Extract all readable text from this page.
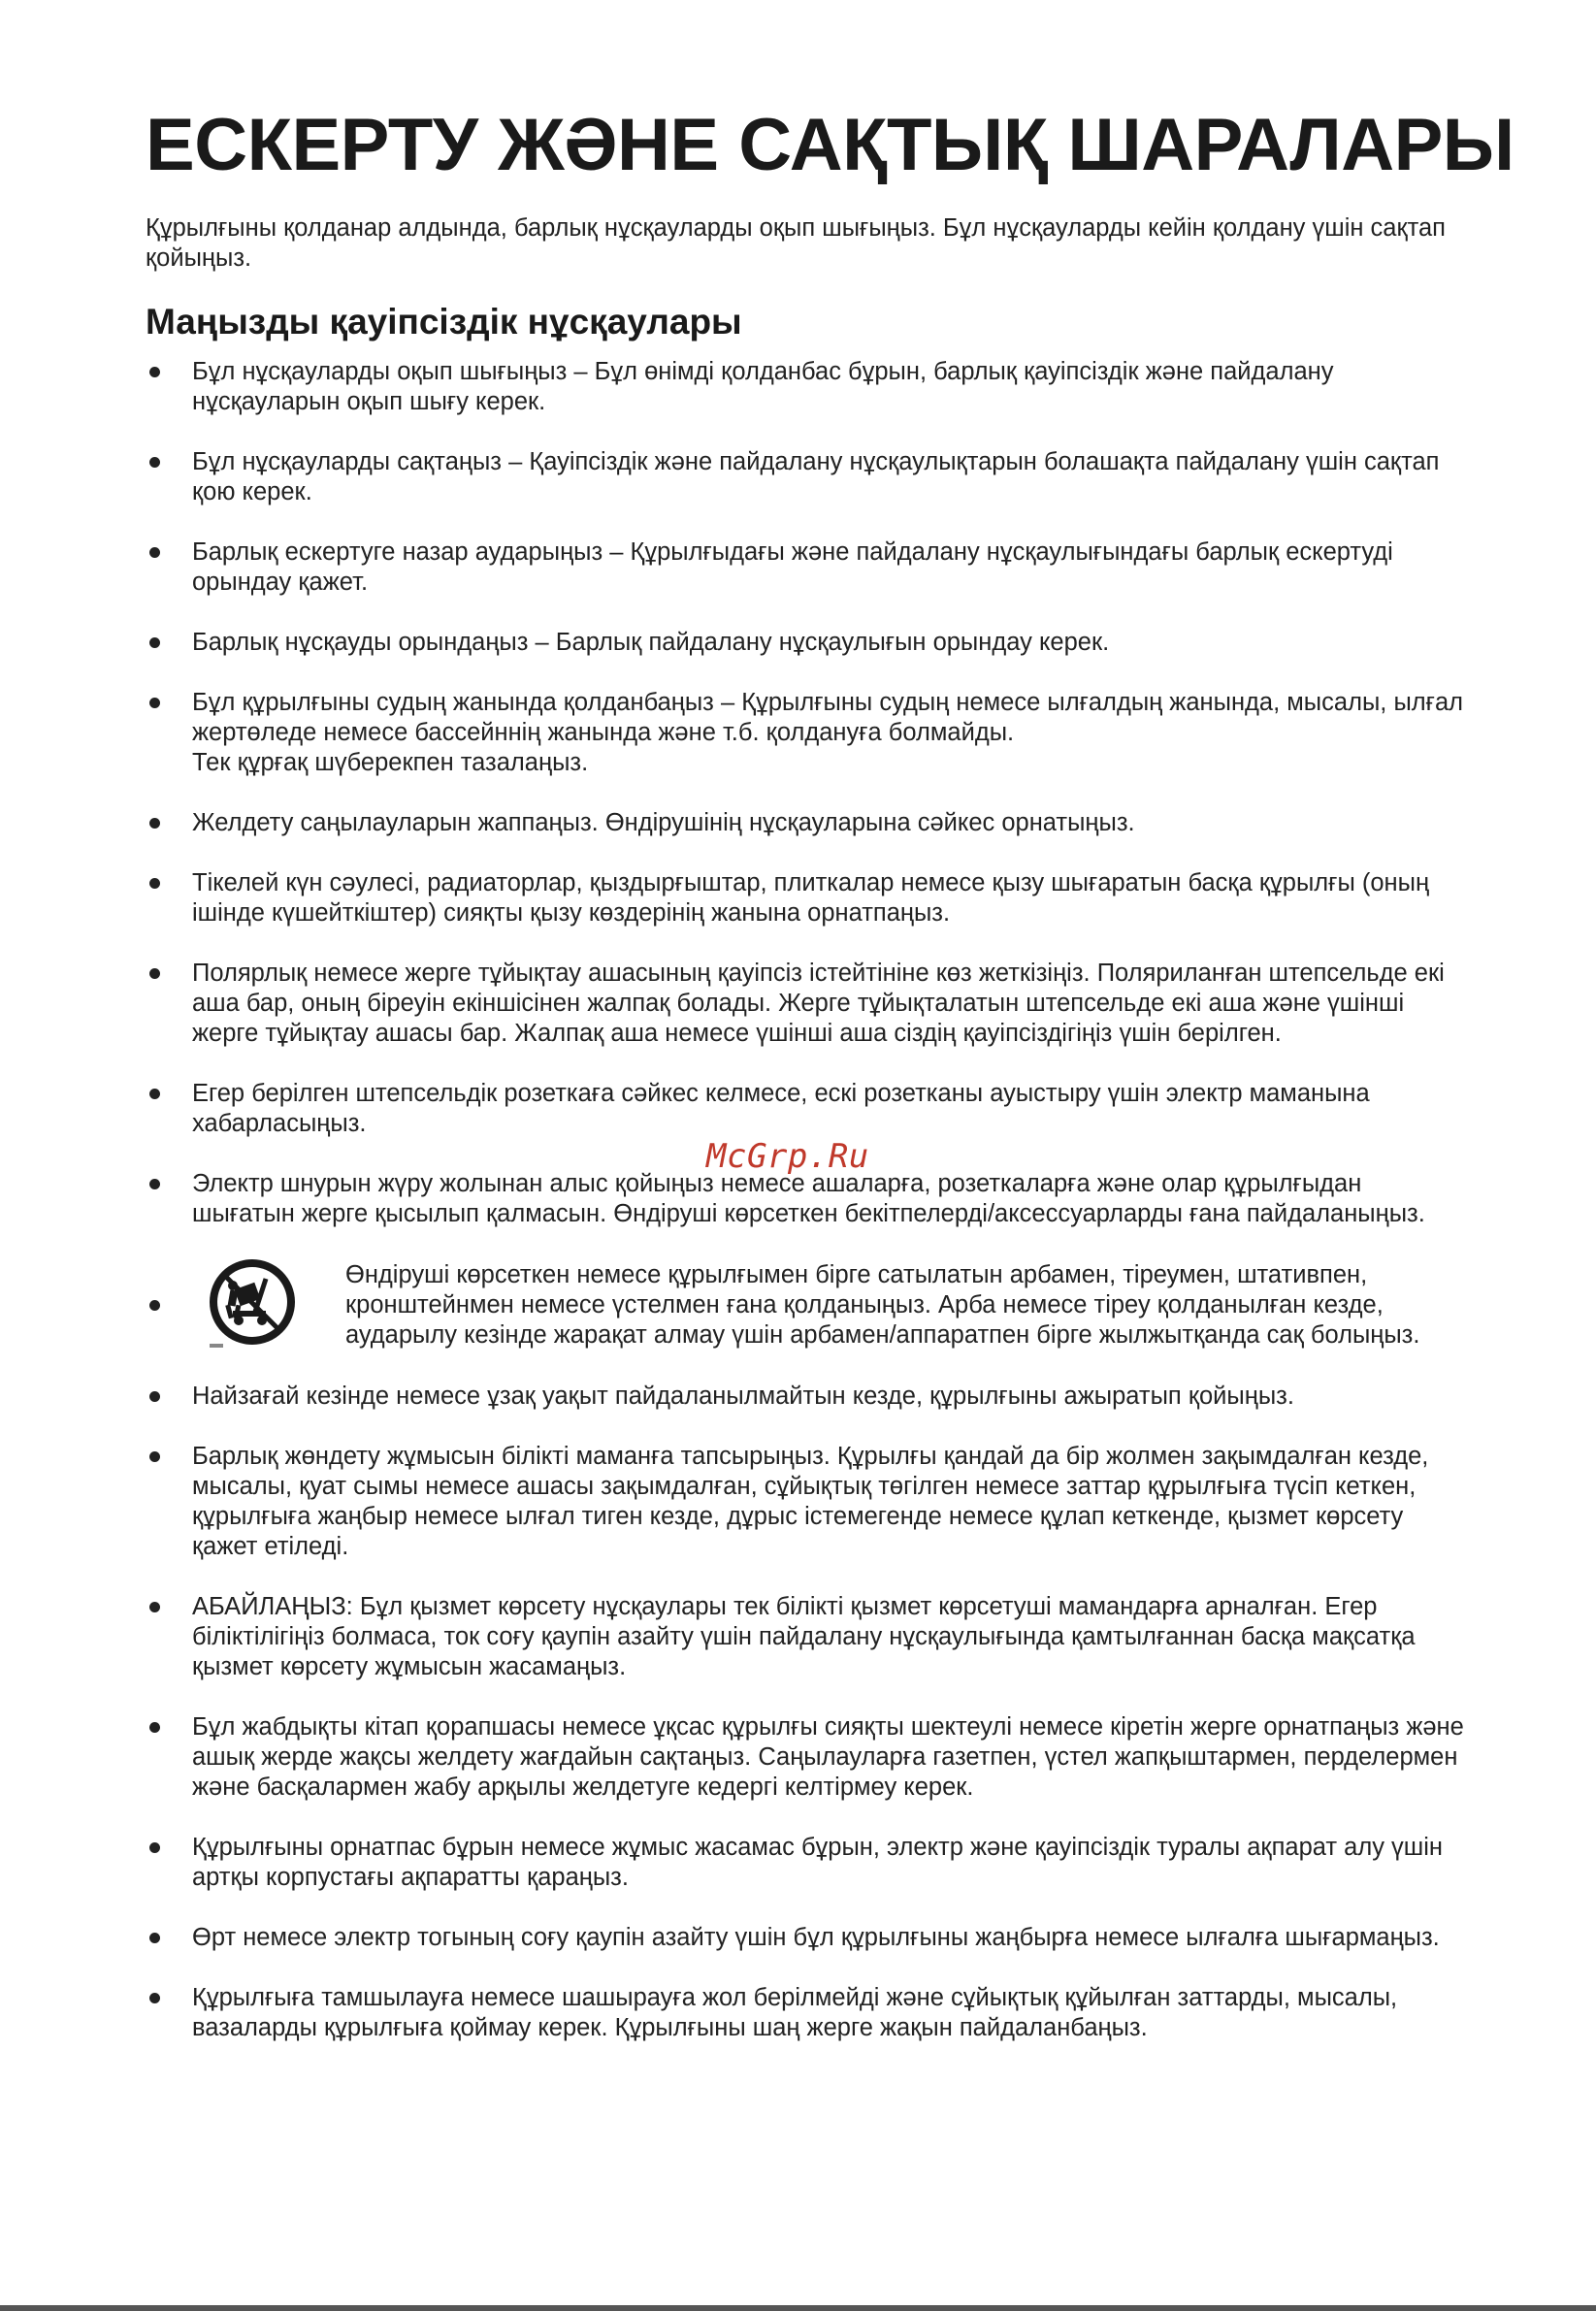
ЕСКЕРТУ ЖӘНЕ САҚТЫҚ ШАРАЛАРЫ

Құрылғыны қолданар алдында, барлық нұсқауларды оқып шығыңыз. Бұл нұсқауларды кейін қолдану үшін сақтап қойыңыз.

Маңызды қауіпсіздік нұсқаулары
Бұл нұсқауларды оқып шығыңыз – Бұл өнімді қолданбас бұрын, барлық қауіпсіздік және пайдалану нұсқауларын оқып шығу керек.
Бұл нұсқауларды сақтаңыз – Қауіпсіздік және пайдалану нұсқаулықтарын болашақта пайдалану үшін сақтап қою керек.
Барлық ескертуге назар аударыңыз – Құрылғыдағы және пайдалану нұсқаулығындағы барлық ескертуді орындау қажет.
Барлық нұсқауды орындаңыз – Барлық пайдалану нұсқаулығын орындау керек.
Бұл құрылғыны судың жанында қолданбаңыз – Құрылғыны судың немесе ылғалдың жанында, мысалы, ылғал жертөледе немесе бассейннің жанында және т.б. қолдануға болмайды.
Тек құрғақ шүберекпен тазалаңыз.
Желдету саңылауларын жаппаңыз. Өндірушінің нұсқауларына сәйкес орнатыңыз.
Тікелей күн сәулесі, радиаторлар, қыздырғыштар, плиткалар немесе қызу шығаратын басқа құрылғы (оның ішінде күшейткіштер) сияқты қызу көздерінің жанына орнатпаңыз.
Полярлық немесе жерге тұйықтау ашасының қауіпсіз істейтініне көз жеткізіңіз. Поляриланған штепсельде екі аша бар, оның біреуін екіншісінен жалпақ болады. Жерге тұйықталатын штепсельде екі аша және үшінші жерге тұйықтау ашасы бар. Жалпақ аша немесе үшінші аша сіздің қауіпсіздігіңіз үшін берілген.
Егер берілген штепсельдік розеткаға сәйкес келмесе, ескі розетканы ауыстыру үшін электр маманына хабарласыңыз.
Электр шнурын жүру жолынан алыс қойыңыз немесе ашаларға, розеткаларға және олар құрылғыдан шығатын жерге қысылып қалмасын. Өндіруші көрсеткен бекітпелерді/аксессуарларды ғана пайдаланыңыз.
Өндіруші көрсеткен немесе құрылғымен бірге сатылатын арбамен, тіреумен, штативпен, кронштейнмен немесе үстелмен ғана қолданыңыз. Арба немесе тіреу қолданылған кезде, аударылу кезінде жарақат алмау үшін арбамен/аппаратпен бірге жылжытқанда сақ болыңыз.
Найзағай кезінде немесе ұзақ уақыт пайдаланылмайтын кезде, құрылғыны ажыратып қойыңыз.
Барлық жөндету жұмысын білікті маманға тапсырыңыз. Құрылғы қандай да бір жолмен зақымдалған кезде, мысалы, қуат сымы немесе ашасы зақымдалған, сұйықтық төгілген немесе заттар құрылғыға түсіп кеткен, құрылғыға жаңбыр немесе ылғал тиген кезде, дұрыс істемегенде немесе құлап кеткенде, қызмет көрсету қажет етіледі.
АБАЙЛАҢЫЗ: Бұл қызмет көрсету нұсқаулары тек білікті қызмет көрсетуші мамандарға арналған. Егер біліктілігіңіз болмаса, ток соғу қаупін азайту үшін пайдалану нұсқаулығында қамтылғаннан басқа мақсатқа қызмет көрсету жұмысын жасамаңыз.
Бұл жабдықты кітап қорапшасы немесе ұқсас құрылғы сияқты шектеулі немесе кіретін жерге орнатпаңыз және ашық жерде жақсы желдету жағдайын сақтаңыз. Саңылауларға газетпен, үстел жапқыштармен, перделермен және басқалармен жабу арқылы желдетуге кедергі келтірмеу керек.
Құрылғыны орнатпас бұрын немесе жұмыс жасамас бұрын, электр және қауіпсіздік туралы ақпарат алу үшін артқы корпустағы ақпаратты қараңыз.
Өрт немесе электр тогының соғу қаупін азайту үшін бұл құрылғыны жаңбырға немесе ылғалға шығармаңыз.
Құрылғыға тамшылауға немесе шашырауға жол берілмейді және сұйықтық құйылған заттарды, мысалы, вазаларды құрылғыға қоймау керек. Құрылғыны шаң жерге жақын пайдаланбаңыз.
McGrp.Ru
